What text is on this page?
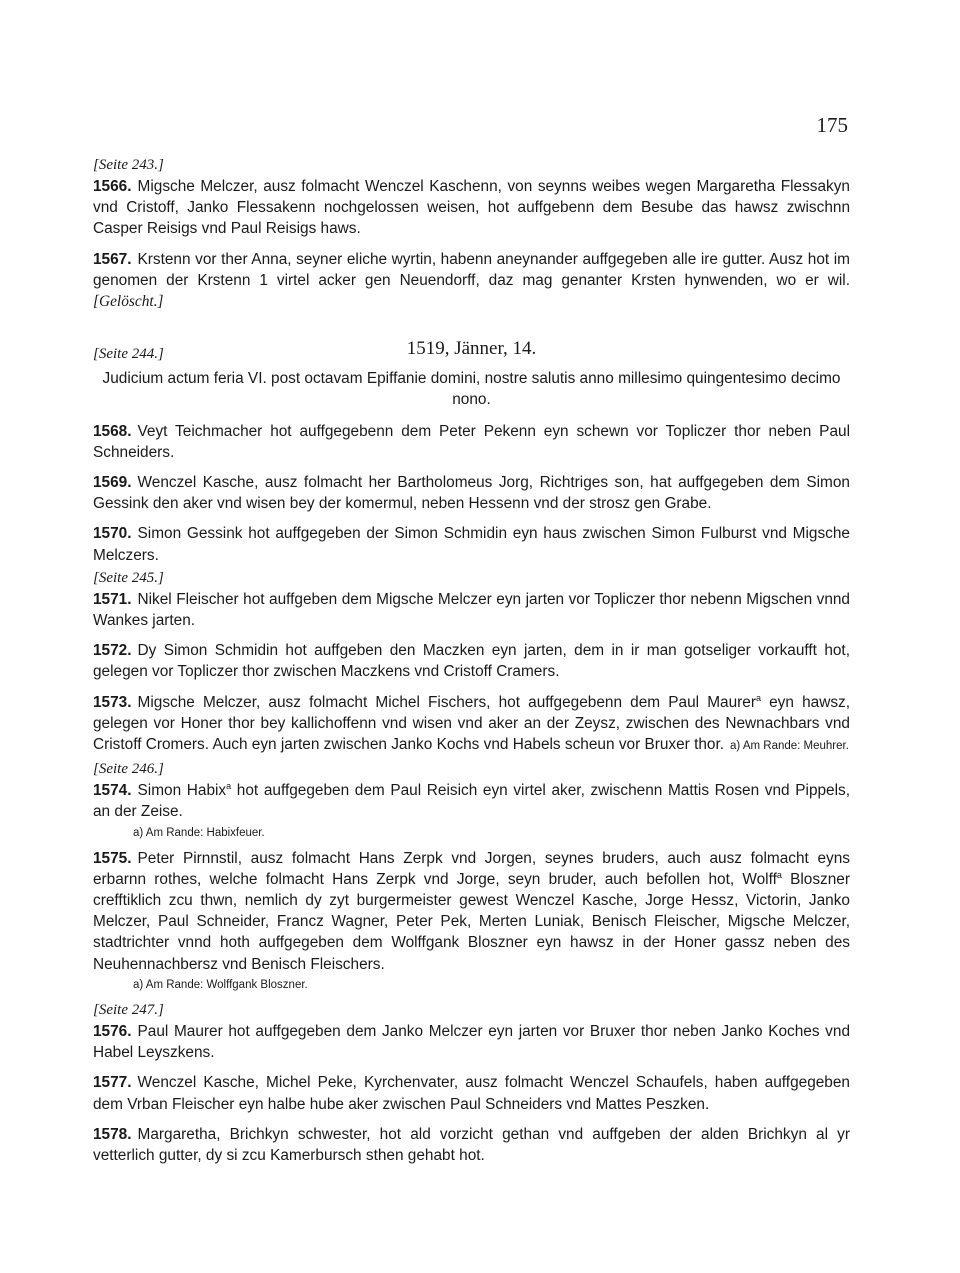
175
[Seite 243.]

1566. Migsche Melczer, ausz folmacht Wenczel Kaschenn, von seynns weibes wegen Margaretha Flessakyn vnd Cristoff, Janko Flessakenn nochgelossen weisen, hot auffgebenn dem Besube das hawsz zwischnn Casper Reisigs vnd Paul Reisigs haws.

1567. Krstenn vor ther Anna, seyner eliche wyrtin, habenn aneynander auffgegeben alle ire gutter. Ausz hot im genomen der Krstenn 1 virtel acker gen Neuendorff, daz mag genanter Krsten hynwenden, wo er wil. [Gelöscht.]

[Seite 244.]	1519, Jänner, 14.

Judicium actum feria VI. post octavam Epiffanie domini, nostre salutis anno millesimo quingentesimo decimo nono.

1568. Veyt Teichmacher hot auffgegebenn dem Peter Pekenn eyn schewn vor Topliczer thor neben Paul Schneiders.

1569. Wenczel Kasche, ausz folmacht her Bartholomeus Jorg, Richtriges son, hat auffgegeben dem Simon Gessink den aker vnd wisen bey der komermul, neben Hessenn vnd der strosz gen Grabe.

1570. Simon Gessink hot auffgegeben der Simon Schmidin eyn haus zwischen Simon Fulburst vnd Migsche Melczers.

[Seite 245.]

1571. Nikel Fleischer hot auffgeben dem Migsche Melczer eyn jarten vor Topliczer thor nebenn Migschen vnnd Wankes jarten.

1572. Dy Simon Schmidin hot auffgeben den Maczken eyn jarten, dem in ir man gotseliger vorkaufft hot, gelegen vor Topliczer thor zwischen Maczkens vnd Cristoff Cramers.

1573. Migsche Melczer, ausz folmacht Michel Fischers, hot auffgegebenn dem Paul Maurer$^a$ eyn hawsz, gelegen vor Honer thor bey kallichoffenn vnd wisen vnd aker an der Zeysz, zwischen des Newnachbars vnd Cristoff Cromers. Auch eyn jarten zwischen Janko Kochs vnd Habels scheun vor Bruxer thor. a) Am Rande: Meuhrer.

[Seite 246.]

1574. Simon Habix$^a$ hot auffgegeben dem Paul Reisich eyn virtel aker, zwischenn Mattis Rosen vnd Pippels, an der Zeise.

a) Am Rande: Habixfeuer.

1575. Peter Pirnnstil, ausz folmacht Hans Zerpk vnd Jorgen, seynes bruders, auch ausz folmacht eyns erbarnn rothes, welche folmacht Hans Zerpk vnd Jorge, seyn bruder, auch befollen hot, Wolff$^a$ Bloszner crefftiklich zcu thwn, nemlich dy zyt burgermeister gewest Wenczel Kasche, Jorge Hessz, Victorin, Janko Melczer, Paul Schneider, Francz Wagner, Peter Pek, Merten Luniak, Benisch Fleischer, Migsche Melczer, stadtrichter vnnd hoth auffgegeben dem Wolffgank Bloszner eyn hawsz in der Honer gassz neben des Neuhennachbersz vnd Benisch Fleischers.

a) Am Rande: Wolffgank Bloszner.
[Seite 247.]

1576. Paul Maurer hot auffgegeben dem Janko Melczer eyn jarten vor Bruxer thor neben Janko Koches vnd Habel Leyszkens.

1577. Wenczel Kasche, Michel Peke, Kyrchenvater, ausz folmacht Wenczel Schaufels, haben auffgegeben dem Vrban Fleischer eyn halbe hube aker zwischen Paul Schneiders vnd Mattes Peszken.

1578. Margaretha, Brichkyn schwester, hot ald vorzicht gethan vnd auffgeben der alden Brichkyn al yr vetterlich gutter, dy si zcu Kamerbursch sthen gehabt hot.
